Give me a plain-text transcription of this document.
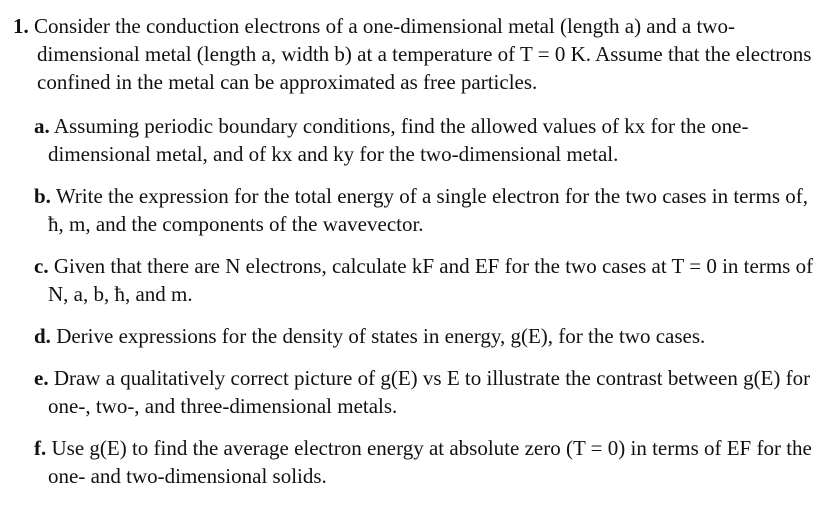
1. Consider the conduction electrons of a one-dimensional metal (length a) and a two-dimensional metal (length a, width b) at a temperature of T = 0 K. Assume that the electrons confined in the metal can be approximated as free particles.

a. Assuming periodic boundary conditions, find the allowed values of kx for the one-dimensional metal, and of kx and ky for the two-dimensional metal.

b. Write the expression for the total energy of a single electron for the two cases in terms of, ħ, m, and the components of the wavevector.

c. Given that there are N electrons, calculate kF and EF for the two cases at T = 0 in terms of N, a, b, ħ, and m.

d. Derive expressions for the density of states in energy, g(E), for the two cases.

e. Draw a qualitatively correct picture of g(E) vs E to illustrate the contrast between g(E) for one-, two-, and three-dimensional metals.

f. Use g(E) to find the average electron energy at absolute zero (T = 0) in terms of EF for the one- and two-dimensional solids.
